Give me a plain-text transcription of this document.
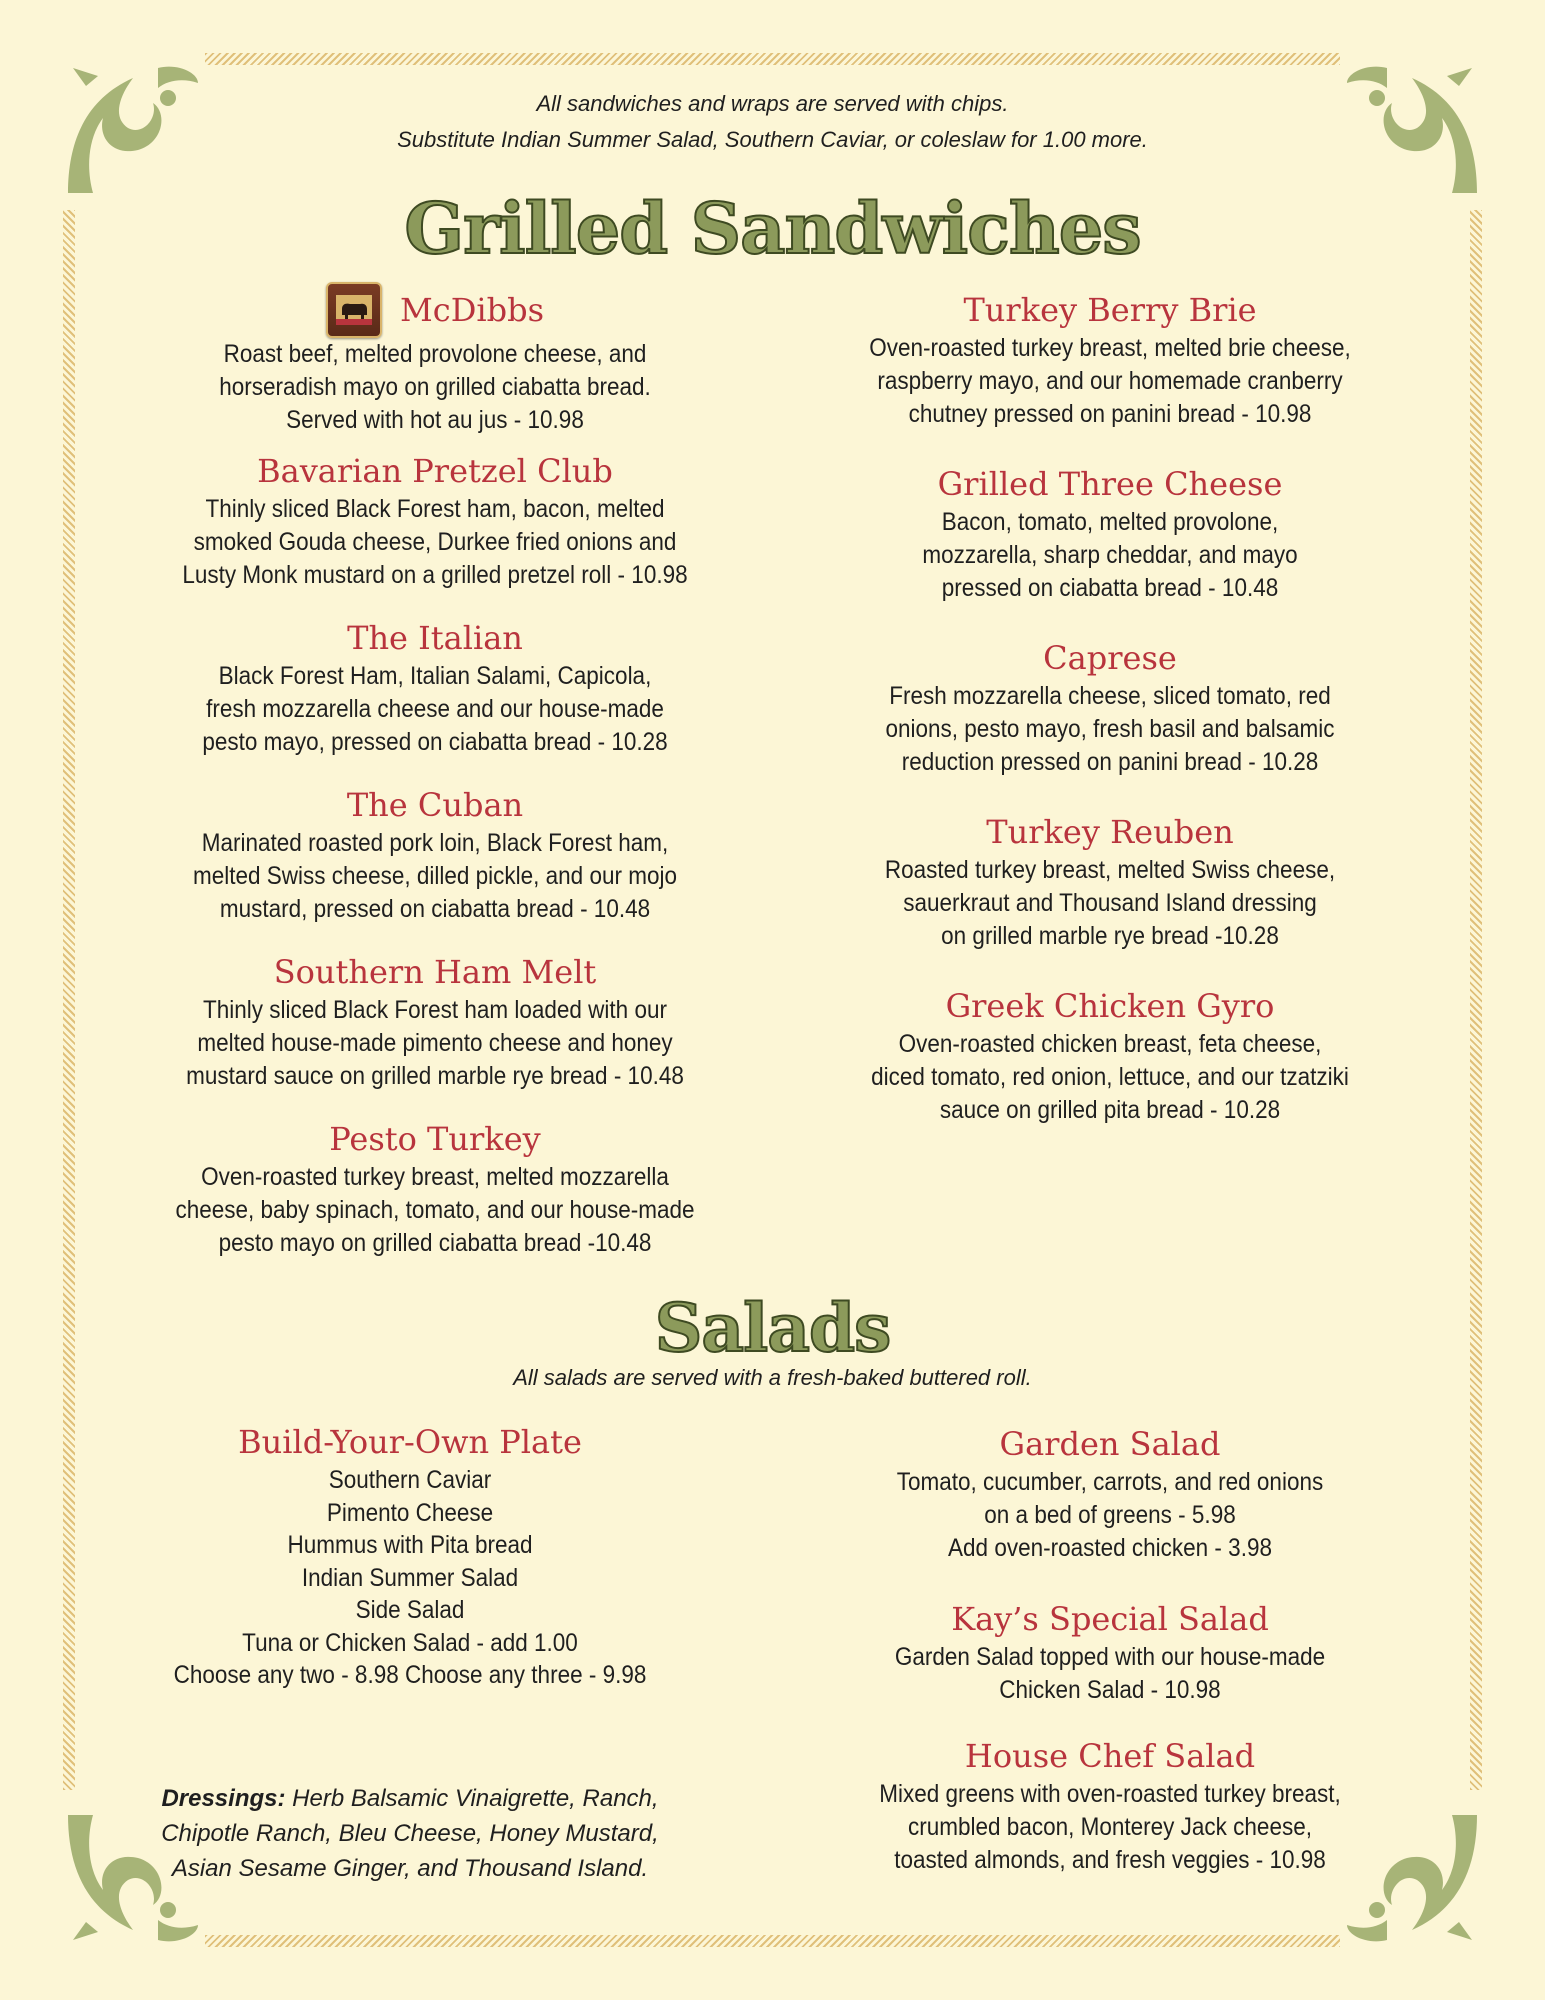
All sandwiches and wraps are served with chips.
Substitute Indian Summer Salad, Southern Caviar, or coleslaw for 1.00 more.
Grilled Sandwiches
McDibbs
Roast beef, melted provolone cheese, and
horseradish mayo on grilled ciabatta bread.
Served with hot au jus - 10.98
Bavarian Pretzel Club
Thinly sliced Black Forest ham, bacon, melted
smoked Gouda cheese, Durkee fried onions and
Lusty Monk mustard on a grilled pretzel roll - 10.98
The Italian
Black Forest Ham, Italian Salami, Capicola,
fresh mozzarella cheese and our house-made
pesto mayo, pressed on ciabatta bread - 10.28
The Cuban
Marinated roasted pork loin, Black Forest ham,
melted Swiss cheese, dilled pickle, and our mojo
mustard, pressed on ciabatta bread - 10.48
Southern Ham Melt
Thinly sliced Black Forest ham loaded with our
melted house-made pimento cheese and honey
mustard sauce on grilled marble rye bread - 10.48
Pesto Turkey
Oven-roasted turkey breast, melted mozzarella
cheese, baby spinach, tomato, and our house-made
pesto mayo on grilled ciabatta bread -10.48
Turkey Berry Brie
Oven-roasted turkey breast, melted brie cheese,
raspberry mayo, and our homemade cranberry
chutney pressed on panini bread - 10.98
Grilled Three Cheese
Bacon, tomato, melted provolone,
mozzarella, sharp cheddar, and mayo
pressed on ciabatta bread - 10.48
Caprese
Fresh mozzarella cheese, sliced tomato, red
onions, pesto mayo, fresh basil and balsamic
reduction pressed on panini bread - 10.28
Turkey Reuben
Roasted turkey breast, melted Swiss cheese,
sauerkraut and Thousand Island dressing
on grilled marble rye bread -10.28
Greek Chicken Gyro
Oven-roasted chicken breast, feta cheese,
diced tomato, red onion, lettuce, and our tzatziki
sauce on grilled pita bread - 10.28
Salads
All salads are served with a fresh-baked buttered roll.
Build-Your-Own Plate
Southern Caviar
Pimento Cheese
Hummus with Pita bread
Indian Summer Salad
Side Salad
Tuna or Chicken Salad - add 1.00
Choose any two - 8.98 Choose any three - 9.98
Dressings: Herb Balsamic Vinaigrette, Ranch,
Chipotle Ranch, Bleu Cheese, Honey Mustard,
Asian Sesame Ginger, and Thousand Island.
Garden Salad
Tomato, cucumber, carrots, and red onions
on a bed of greens - 5.98
Add oven-roasted chicken - 3.98
Kay’s Special Salad
Garden Salad topped with our house-made
Chicken Salad - 10.98
House Chef Salad
Mixed greens with oven-roasted turkey breast,
crumbled bacon, Monterey Jack cheese,
toasted almonds, and fresh veggies - 10.98
